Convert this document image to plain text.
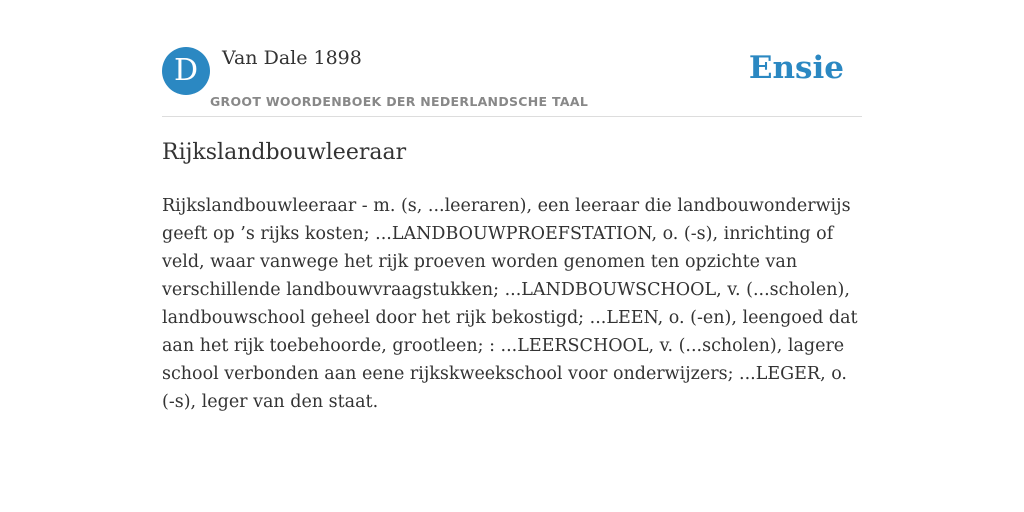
D	Van Dale 1898
GROOT WOORDENBOEK DER NEDERLANDSCHE TAAL
Ensie
Rijkslandbouwleeraar

Rijkslandbouwleeraar - m. (s, ...leeraren), een leeraar die landbouwonderwijs geeft op ’s rijks kosten; ...LANDBOUWPROEFSTATION, o. (-s), inrichting of veld, waar vanwege het rijk proeven worden genomen ten opzichte van verschillende landbouwvraagstukken; ...LANDBOUWSCHOOL, v. (...scholen), landbouwschool geheel door het rijk bekostigd; ...LEEN, o. (-en), leengoed dat aan het rijk toebehoorde, grootleen; : ...LEERSCHOOL, v. (...scholen), lagere school verbonden aan eene rijkskweekschool voor onderwijzers; ...LEGER, o. (-s), leger van den staat.
